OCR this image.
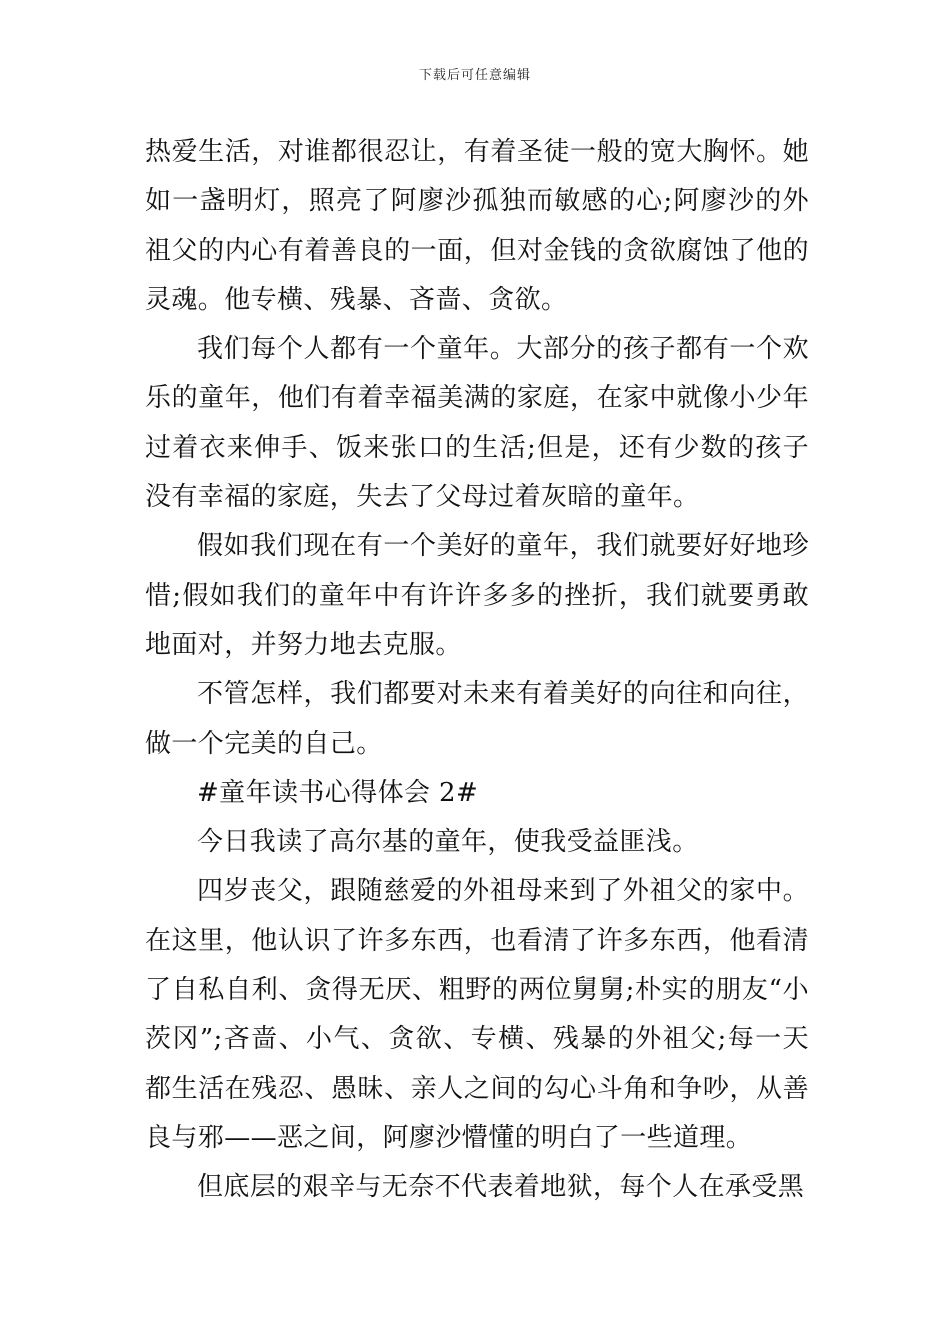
下载后可任意编辑

热爱生活，对谁都很忍让，有着圣徒一般的宽大胸怀。她如一盏明灯，照亮了阿廖沙孤独而敏感的心;阿廖沙的外祖父的内心有着善良的一面，但对金钱的贪欲腐蚀了他的灵魂。他专横、残暴、吝啬、贪欲。

我们每个人都有一个童年。大部分的孩子都有一个欢乐的童年，他们有着幸福美满的家庭，在家中就像小少年过着衣来伸手、饭来张口的生活;但是，还有少数的孩子没有幸福的家庭，失去了父母过着灰暗的童年。

假如我们现在有一个美好的童年，我们就要好好地珍惜;假如我们的童年中有许许多多的挫折，我们就要勇敢地面对，并努力地去克服。

不管怎样，我们都要对未来有着美好的向往和向往，做一个完美的自己。

#童年读书心得体会 2#

今日我读了高尔基的童年，使我受益匪浅。

四岁丧父，跟随慈爱的外祖母来到了外祖父的家中。在这里，他认识了许多东西，也看清了许多东西，他看清了自私自利、贪得无厌、粗野的两位舅舅;朴实的朋友“小茨冈”;吝啬、小气、贪欲、专横、残暴的外祖父;每一天都生活在残忍、愚昧、亲人之间的勾心斗角和争吵，从善良与邪——恶之间，阿廖沙懵懂的明白了一些道理。

但底层的艰辛与无奈不代表着地狱，每个人在承受黑
